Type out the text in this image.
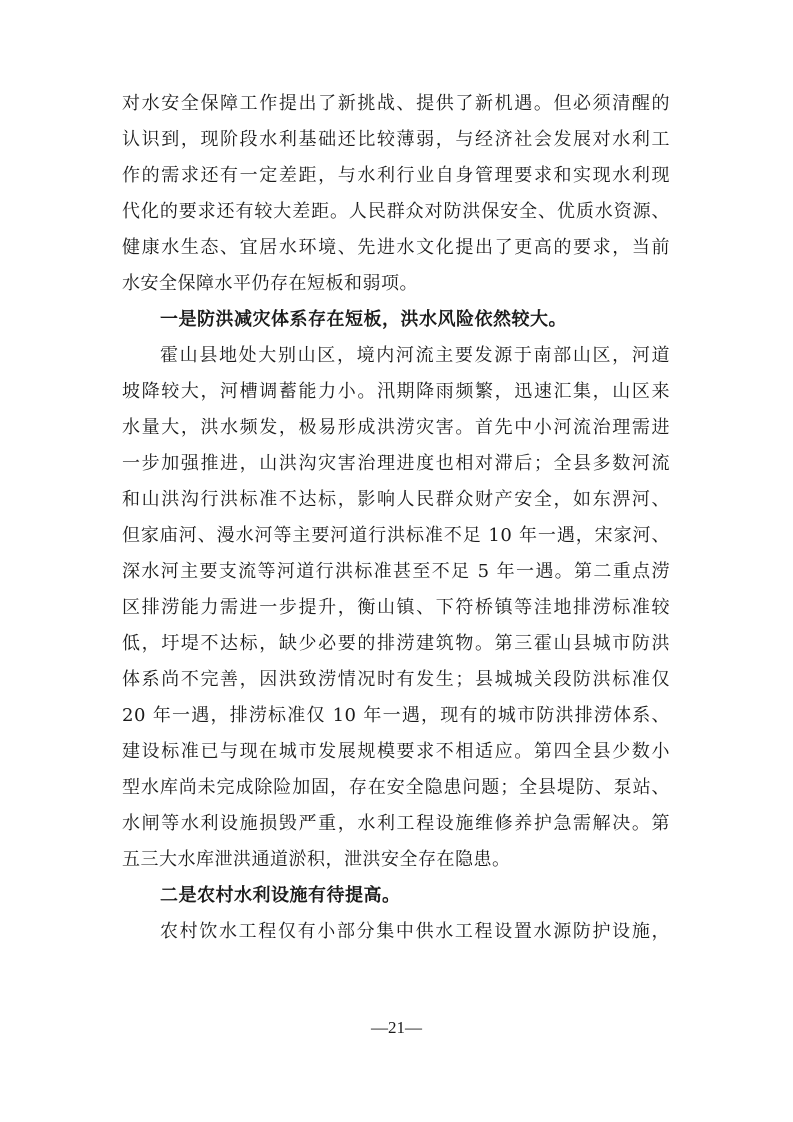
对水安全保障工作提出了新挑战、提供了新机遇。但必须清醒的
认识到，现阶段水利基础还比较薄弱，与经济社会发展对水利工
作的需求还有一定差距，与水利行业自身管理要求和实现水利现
代化的要求还有较大差距。人民群众对防洪保安全、优质水资源、
健康水生态、宜居水环境、先进水文化提出了更高的要求，当前
水安全保障水平仍存在短板和弱项。
一是防洪减灾体系存在短板，洪水风险依然较大。
霍山县地处大别山区，境内河流主要发源于南部山区，河道
坡降较大，河槽调蓄能力小。汛期降雨频繁，迅速汇集，山区来
水量大，洪水频发，极易形成洪涝灾害。首先中小河流治理需进
一步加强推进，山洪沟灾害治理进度也相对滞后；全县多数河流
和山洪沟行洪标准不达标，影响人民群众财产安全，如东淠河、
但家庙河、漫水河等主要河道行洪标准不足 10 年一遇，宋家河、
深水河主要支流等河道行洪标准甚至不足 5 年一遇。第二重点涝
区排涝能力需进一步提升，衡山镇、下符桥镇等洼地排涝标准较
低，圩堤不达标，缺少必要的排涝建筑物。第三霍山县城市防洪
体系尚不完善，因洪致涝情况时有发生；县城城关段防洪标准仅
20 年一遇，排涝标准仅 10 年一遇，现有的城市防洪排涝体系、
建设标准已与现在城市发展规模要求不相适应。第四全县少数小
型水库尚未完成除险加固，存在安全隐患问题；全县堤防、泵站、
水闸等水利设施损毁严重，水利工程设施维修养护急需解决。第
五三大水库泄洪通道淤积，泄洪安全存在隐患。
二是农村水利设施有待提高。
农村饮水工程仅有小部分集中供水工程设置水源防护设施，
—21—
